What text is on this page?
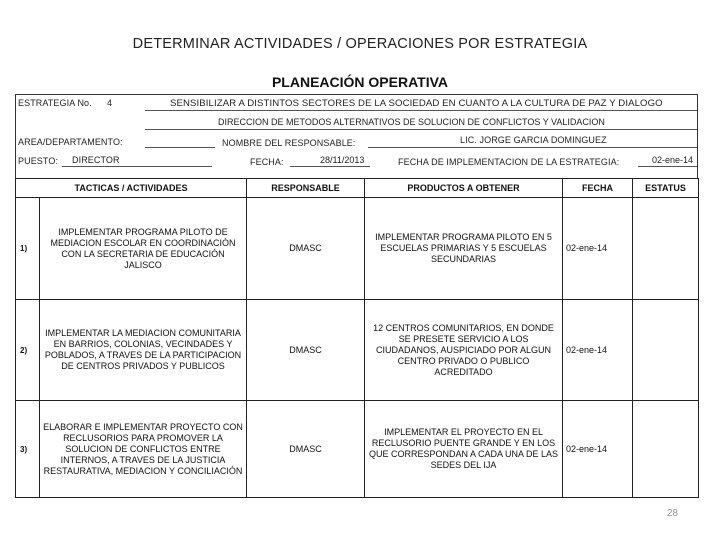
DETERMINAR ACTIVIDADES / OPERACIONES POR ESTRATEGIA
PLANEACIÓN OPERATIVA
ESTRATEGIA No. 4	SENSIBILIZAR A DISTINTOS SECTORES DE LA SOCIEDAD EN CUANTO A LA CULTURA DE PAZ Y DIALOGO
DIRECCION DE METODOS ALTERNATIVOS DE SOLUCION DE CONFLICTOS Y VALIDACION
AREA/DEPARTAMENTO:	NOMBRE DEL RESPONSABLE:	LIC. JORGE GARCIA DOMINGUEZ
PUESTO: DIRECTOR	FECHA:	28/11/2013	FECHA DE IMPLEMENTACION DE LA ESTRATEGIA:	02-ene-14
TACTICAS / ACTIVIDADES		RESPONSABLE	PRODUCTOS A OBTENER	FECHA	ESTATUS
1)	IMPLEMENTAR PROGRAMA PILOTO DE MEDIACION ESCOLAR EN COORDINACIÓN CON LA SECRETARIA DE EDUCACIÓN JALISCO	DMASC	IMPLEMENTAR PROGRAMA PILOTO EN 5 ESCUELAS PRIMARIAS Y 5 ESCUELAS SECUNDARIAS	02-ene-14	
2)	IMPLEMENTAR LA MEDIACION COMUNITARIA EN BARRIOS, COLONIAS, VECINDADES Y POBLADOS, A TRAVES DE LA PARTICIPACION DE CENTROS PRIVADOS Y PUBLICOS	DMASC	12 CENTROS COMUNITARIOS, EN DONDE SE PRESETE SERVICIO A LOS CIUDADANOS, AUSPICIADO POR ALGUN CENTRO PRIVADO O PUBLICO ACREDITADO	02-ene-14	
3)	ELABORAR E IMPLEMENTAR PROYECTO CON RECLUSORIOS PARA PROMOVER LA SOLUCION DE CONFLICTOS ENTRE INTERNOS, A TRAVES DE LA JUSTICIA RESTAURATIVA, MEDIACION Y CONCILIACIÓN	DMASC	IMPLEMENTAR EL PROYECTO EN EL RECLUSORIO PUENTE GRANDE Y EN LOS QUE CORRESPONDAN A CADA UNA DE LAS SEDES DEL IJA	02-ene-14	
28
